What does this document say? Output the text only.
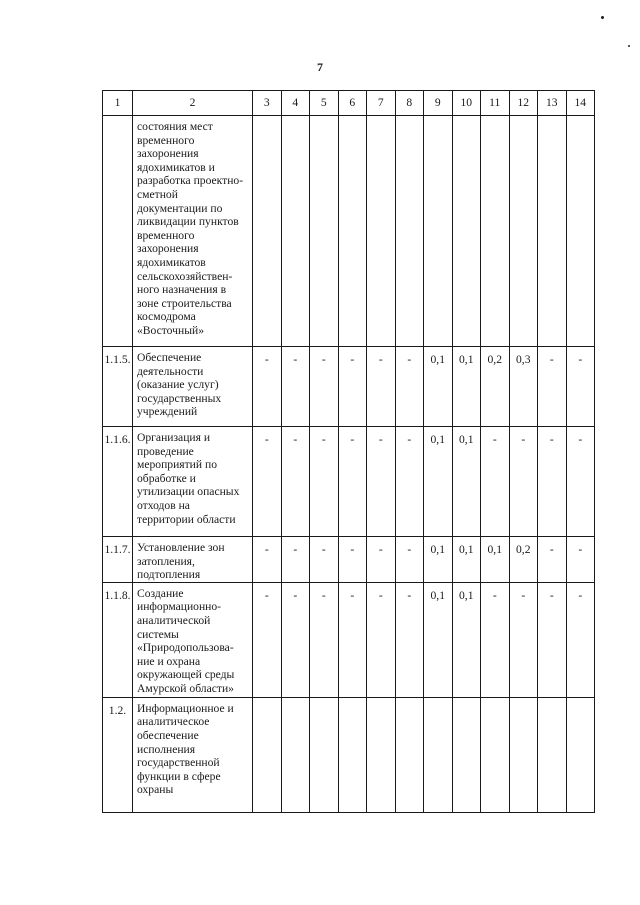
7
1	2	3	4	5	6	7	8	9	10	11	12	13	14
	состояния мест временного захоронения ядохимикатов и разработка проектно-сметной документации по ликвидации пунктов временного захоронения ядохимикатов сельскохозяйствен-ного назначения в зоне строительства космодрома «Восточный»												
1.1.5.	Обеспечение деятельности (оказание услуг) государственных учреждений	-	-	-	-	-	-	0,1	0,1	0,2	0,3	-	-
1.1.6.	Организация и проведение мероприятий по обработке и утилизации опасных отходов на территории области	-	-	-	-	-	-	0,1	0,1	-	-	-	-
1.1.7.	Установление зон затопления, подтопления	-	-	-	-	-	-	0,1	0,1	0,1	0,2	-	-
1.1.8.	Создание информационно-аналитической системы «Природопользова-ние и охрана окружающей среды Амурской области»	-	-	-	-	-	-	0,1	0,1	-	-	-	-
1.2.	Информационное и аналитическое обеспечение исполнения государственной функции в сфере охраны												
